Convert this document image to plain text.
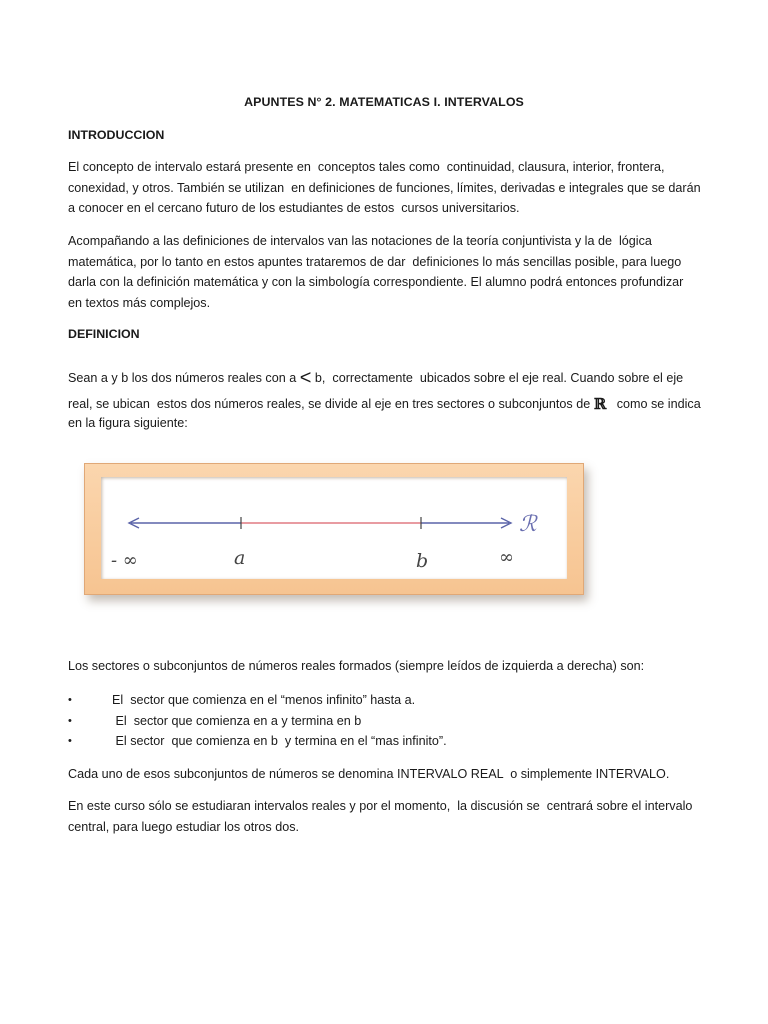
APUNTES N° 2. MATEMATICAS I. INTERVALOS
INTRODUCCION

El concepto de intervalo estará presente en  conceptos tales como  continuidad, clausura, interior, frontera,
conexidad, y otros. También se utilizan  en definiciones de funciones, límites, derivadas e integrales que se darán
a conocer en el cercano futuro de los estudiantes de estos  cursos universitarios.

Acompañando a las definiciones de intervalos van las notaciones de la teoría conjuntivista y la de  lógica
matemática, por lo tanto en estos apuntes trataremos de dar  definiciones lo más sencillas posible, para luego
darla con la definición matemática y con la simbología correspondiente. El alumno podrá entonces profundizar
en textos más complejos.

DEFINICION

Sean a y b los dos números reales con a < b,  correctamente  ubicados sobre el eje real. Cuando sobre el eje
real, se ubican  estos dos números reales, se divide al eje en tres sectores o subconjuntos de ℝ   como se indica
en la figura siguiente:

- ∞	a	b	∞
ℛ

Los sectores o subconjuntos de números reales formados (siempre leídos de izquierda a derecha) son:

•

	El  sector que comienza en el “menos infinito” hasta a.

•

	El  sector que comienza en a y termina en b

•

	El sector  que comienza en b  y termina en el “mas infinito”.

Cada uno de esos subconjuntos de números se denomina INTERVALO REAL  o simplemente INTERVALO.

En este curso sólo se estudiaran intervalos reales y por el momento,  la discusión se  centrará sobre el intervalo
central, para luego estudiar los otros dos.
